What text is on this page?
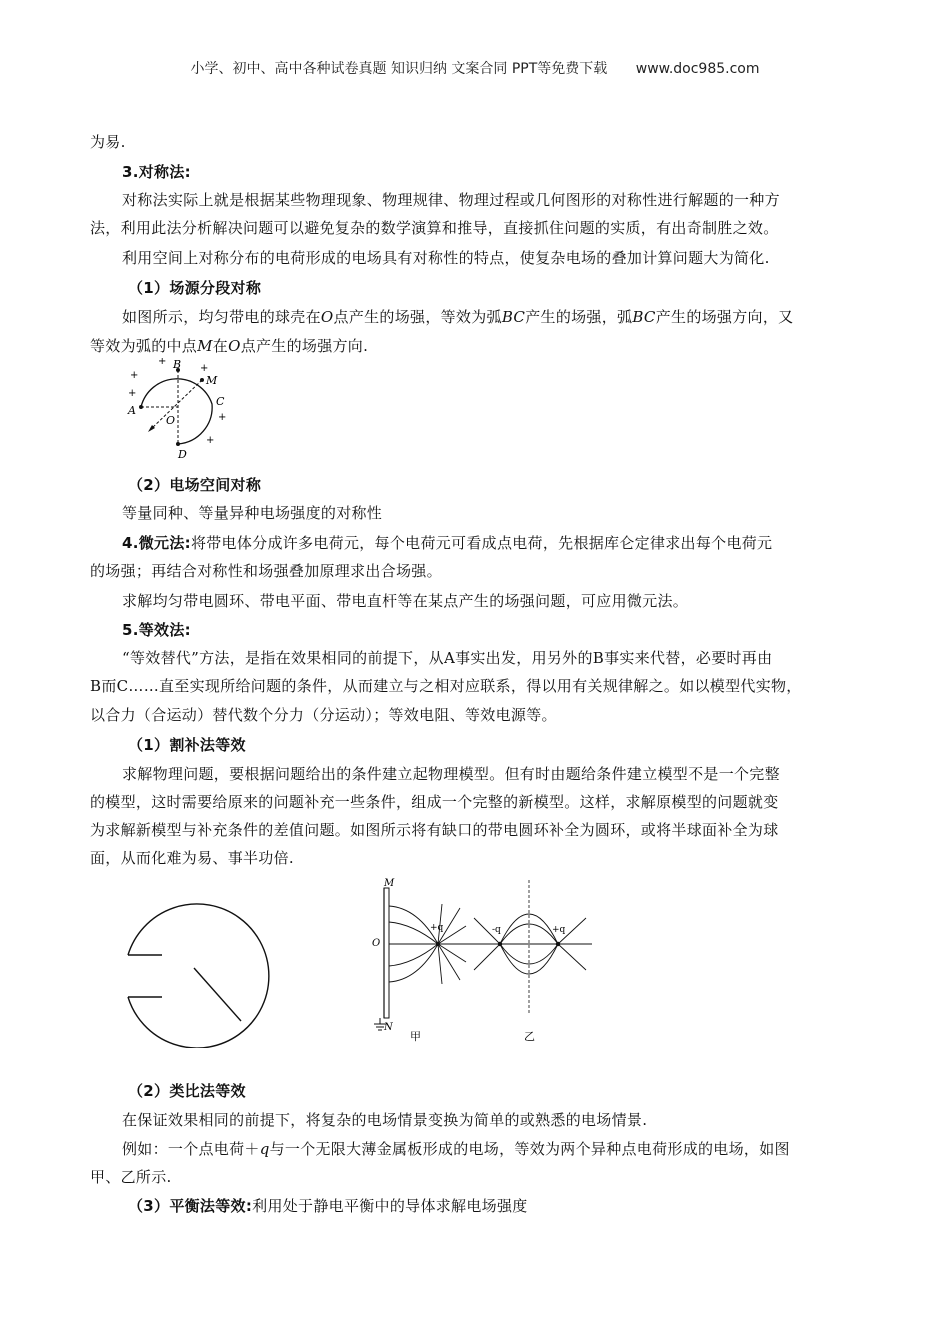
小学、初中、高中各种试卷真题 知识归纳 文案合同 PPT等免费下载 www.doc985.com
为易.
3.对称法:
对称法实际上就是根据某些物理现象、物理规律、物理过程或几何图形的对称性进行解题的一种方
法，利用此法分析解决问题可以避免复杂的数学演算和推导，直接抓住问题的实质，有出奇制胜之效。
利用空间上对称分布的电荷形成的电场具有对称性的特点，使复杂电场的叠加计算问题大为简化.
（1）场源分段对称
如图所示，均匀带电的球壳在O点产生的场强，等效为弧BC产生的场强，弧BC产生的场强方向，又
等效为弧的中点M在O点产生的场强方向.
B
M
A
C
O
D
+
+
+
+
+
+
（2）电场空间对称
等量同种、等量异种电场强度的对称性
4.微元法:将带电体分成许多电荷元，每个电荷元可看成点电荷，先根据库仑定律求出每个电荷元
的场强；再结合对称性和场强叠加原理求出合场强。
求解均匀带电圆环、带电平面、带电直杆等在某点产生的场强问题，可应用微元法。
5.等效法:
“等效替代”方法，是指在效果相同的前提下，从A事实出发，用另外的B事实来代替，必要时再由
B而C……直至实现所给问题的条件，从而建立与之相对应联系，得以用有关规律解之。如以模型代实物，
以合力（合运动）替代数个分力（分运动）；等效电阻、等效电源等。
（1）割补法等效
求解物理问题，要根据问题给出的条件建立起物理模型。但有时由题给条件建立模型不是一个完整
的模型，这时需要给原来的问题补充一些条件，组成一个完整的新模型。这样，求解原模型的问题就变
为求解新模型与补充条件的差值问题。如图所示将有缺口的带电圆环补全为圆环，或将半球面补全为球
面，从而化难为易、事半功倍.
M
O
N
+q	-q	+q
甲	乙
（2）类比法等效
在保证效果相同的前提下，将复杂的电场情景变换为简单的或熟悉的电场情景.
例如：一个点电荷＋q与一个无限大薄金属板形成的电场，等效为两个异种点电荷形成的电场，如图
甲、乙所示.
（3）平衡法等效:利用处于静电平衡中的导体求解电场强度
